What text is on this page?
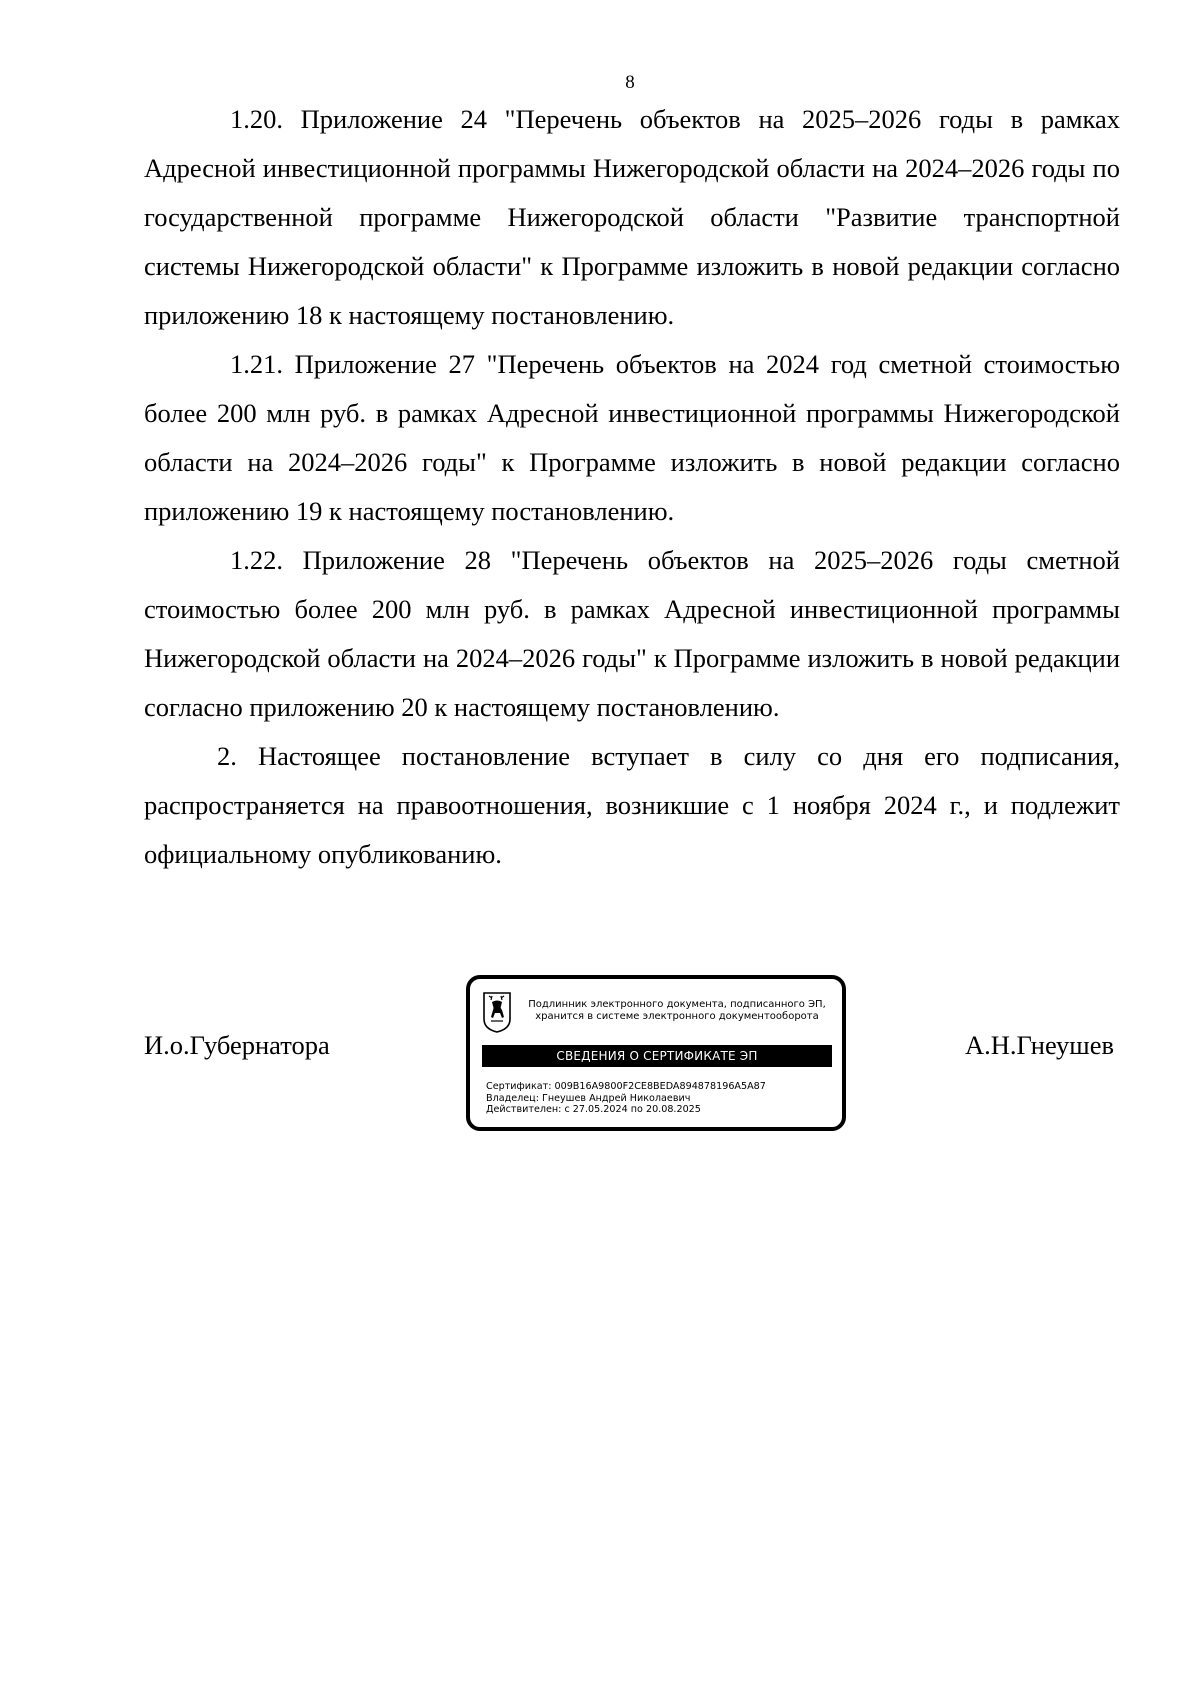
8

1.20. Приложение 24 "Перечень объектов на 2025–2026 годы в рамках Адресной инвестиционной программы Нижегородской области на 2024–2026 годы по государственной программе Нижегородской области "Развитие транспортной системы Нижегородской области" к Программе изложить в новой редакции согласно приложению 18 к настоящему постановлению.

1.21. Приложение 27 "Перечень объектов на 2024 год сметной стоимостью более 200 млн руб. в рамках Адресной инвестиционной программы Нижегородской области на 2024–2026 годы" к Программе изложить в новой редакции согласно приложению 19 к настоящему постановлению.

1.22. Приложение 28 "Перечень объектов на 2025–2026 годы сметной стоимостью более 200 млн руб. в рамках Адресной инвестиционной программы Нижегородской области на 2024–2026 годы" к Программе изложить в новой редакции согласно приложению 20 к настоящему постановлению.

2. Настоящее постановление вступает в силу со дня его подписания, распространяется на правоотношения, возникшие с 1 ноября 2024 г., и подлежит официальному опубликованию.

И.о.Губернатора
Подлинник электронного документа, подписанного ЭП,
хранится в системе электронного документооборота
СВЕДЕНИЯ О СЕРТИФИКАТЕ ЭП
Сертификат: 009B16A9800F2CE8BEDA894878196A5A87
Владелец: Гнеушев Андрей Николаевич
Действителен: с 27.05.2024 по 20.08.2025
А.Н.Гнеушев
